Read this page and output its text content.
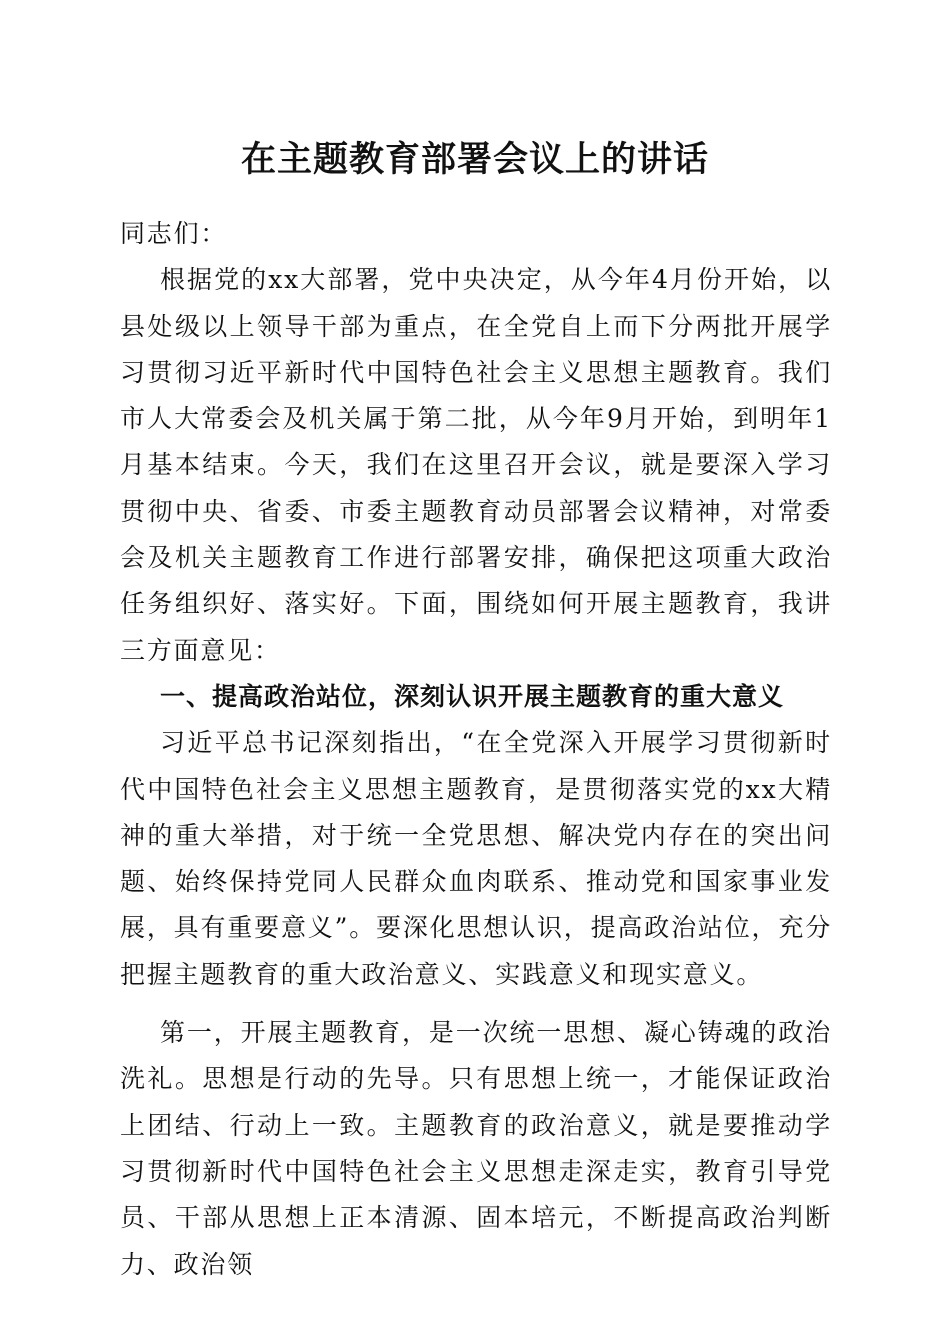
在主题教育部署会议上的讲话

同志们：

根据党的xx大部署，党中央决定，从今年4月份开始，以县处级以上领导干部为重点，在全党自上而下分两批开展学习贯彻习近平新时代中国特色社会主义思想主题教育。我们市人大常委会及机关属于第二批，从今年9月开始，到明年1月基本结束。今天，我们在这里召开会议，就是要深入学习贯彻中央、省委、市委主题教育动员部署会议精神，对常委会及机关主题教育工作进行部署安排，确保把这项重大政治任务组织好、落实好。下面，围绕如何开展主题教育，我讲三方面意见：

一、提高政治站位，深刻认识开展主题教育的重大意义

习近平总书记深刻指出，“在全党深入开展学习贯彻新时代中国特色社会主义思想主题教育，是贯彻落实党的xx大精神的重大举措，对于统一全党思想、解决党内存在的突出问题、始终保持党同人民群众血肉联系、推动党和国家事业发展，具有重要意义”。要深化思想认识，提高政治站位，充分把握主题教育的重大政治意义、实践意义和现实意义。

第一，开展主题教育，是一次统一思想、凝心铸魂的政治洗礼。思想是行动的先导。只有思想上统一，才能保证政治上团结、行动上一致。主题教育的政治意义，就是要推动学习贯彻新时代中国特色社会主义思想走深走实，教育引导党员、干部从思想上正本清源、固本培元，不断提高政治判断力、政治领
